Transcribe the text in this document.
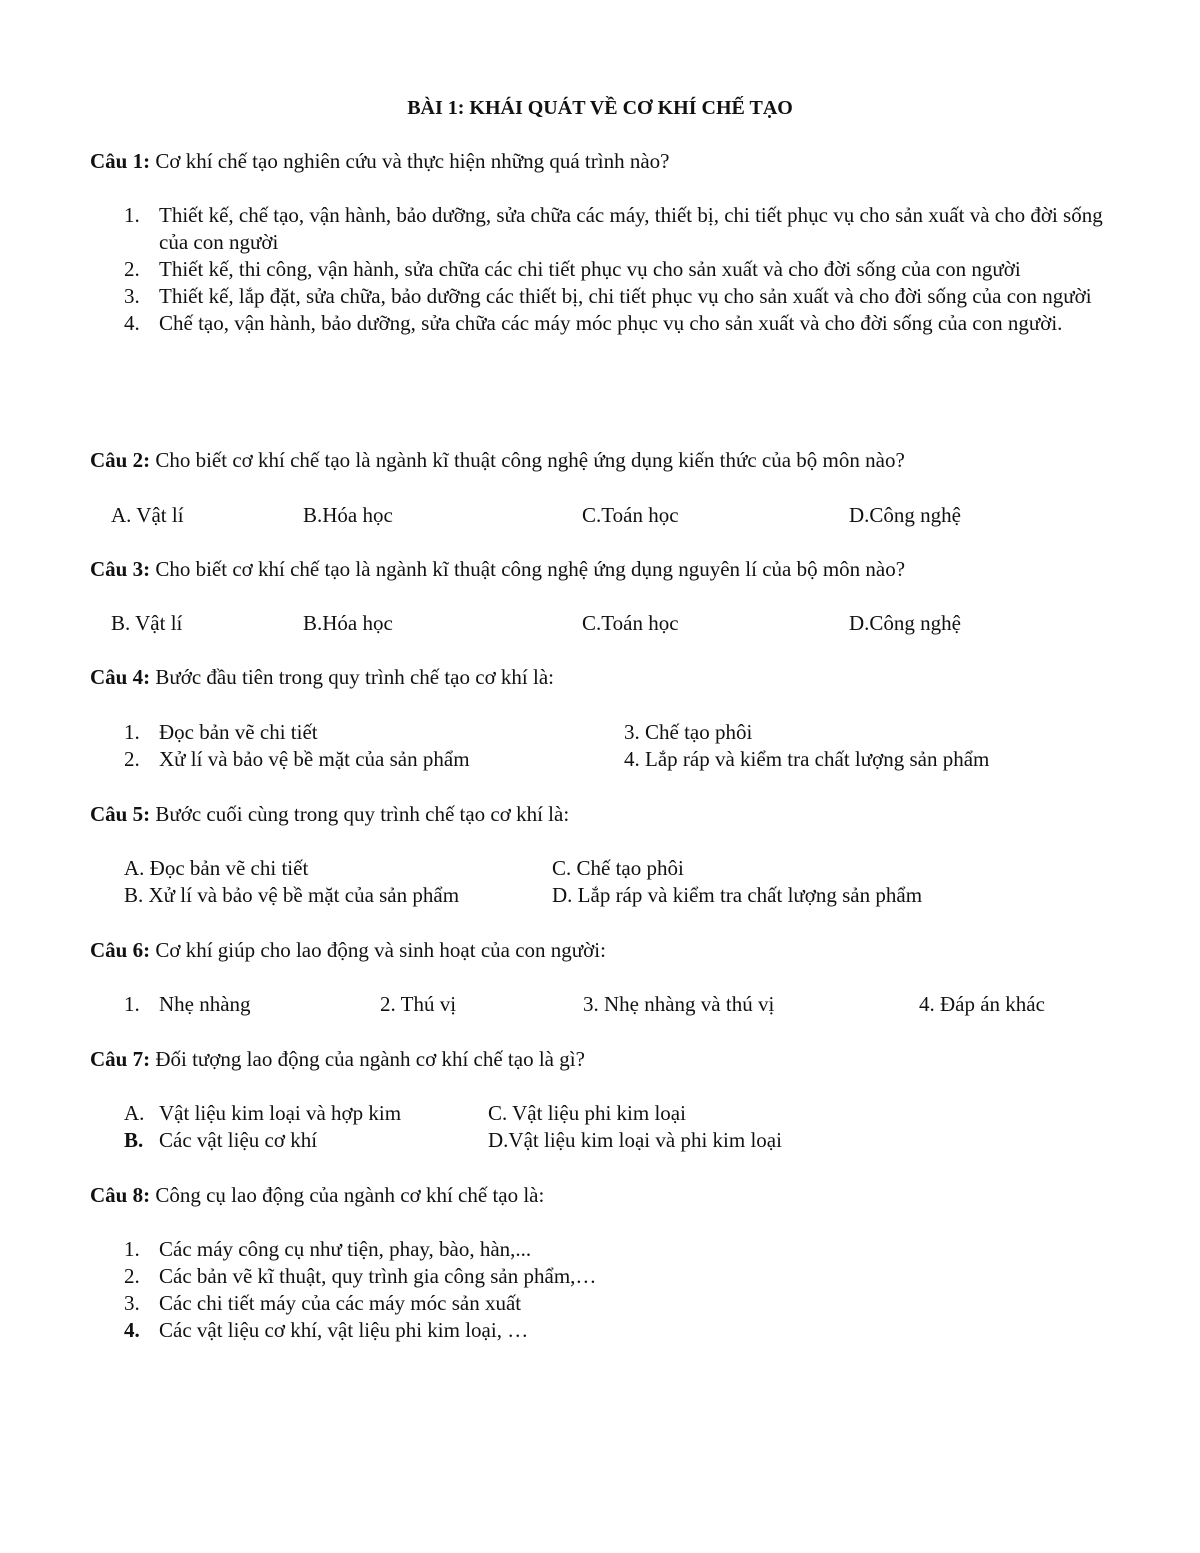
BÀI 1: KHÁI QUÁT VỀ CƠ KHÍ CHẾ TẠO
Câu 1: Cơ khí chế tạo nghiên cứu và thực hiện những quá trình nào?
1. Thiết kế, chế tạo, vận hành, bảo dưỡng, sửa chữa các máy, thiết bị, chi tiết phục vụ cho sản xuất và cho đời sống của con người
2. Thiết kế, thi công, vận hành, sửa chữa các chi tiết phục vụ cho sản xuất và cho đời sống của con người
3. Thiết kế, lắp đặt, sửa chữa, bảo dưỡng các thiết bị, chi tiết phục vụ cho sản xuất và cho đời sống của con người
4. Chế tạo, vận hành, bảo dưỡng, sửa chữa các máy móc phục vụ cho sản xuất và cho đời sống của con người.
Câu 2: Cho biết cơ khí chế tạo là ngành kĩ thuật công nghệ ứng dụng kiến thức của bộ môn nào?
A. Vật lí	B.Hóa học	C.Toán học	D.Công nghệ
Câu 3: Cho biết cơ khí chế tạo là ngành kĩ thuật công nghệ ứng dụng nguyên lí của bộ môn nào?
B. Vật lí	B.Hóa học	C.Toán học	D.Công nghệ
Câu 4: Bước đầu tiên trong quy trình chế tạo cơ khí là:
1. Đọc bản vẽ chi tiết
2. Xử lí và bảo vệ bề mặt của sản phẩm
3. Chế tạo phôi
4. Lắp ráp và kiểm tra chất lượng sản phẩm
Câu 5: Bước cuối cùng trong quy trình chế tạo cơ khí là:
A. Đọc bản vẽ chi tiết
B. Xử lí và bảo vệ bề mặt của sản phẩm
C. Chế tạo phôi
D. Lắp ráp và kiểm tra chất lượng sản phẩm
Câu 6: Cơ khí giúp cho lao động và sinh hoạt của con người:
1. Nhẹ nhàng	2. Thú vị	3. Nhẹ nhàng và thú vị	4. Đáp án khác
Câu 7: Đối tượng lao động của ngành cơ khí chế tạo là gì?
A. Vật liệu kim loại và hợp kim
B. Các vật liệu cơ khí
C. Vật liệu phi kim loại
D.Vật liệu kim loại và phi kim loại
Câu 8: Công cụ lao động của ngành cơ khí chế tạo là:
1. Các máy công cụ như tiện, phay, bào, hàn,...
2. Các bản vẽ kĩ thuật, quy trình gia công sản phẩm,…
3. Các chi tiết máy của các máy móc sản xuất
4. Các vật liệu cơ khí, vật liệu phi kim loại, …
